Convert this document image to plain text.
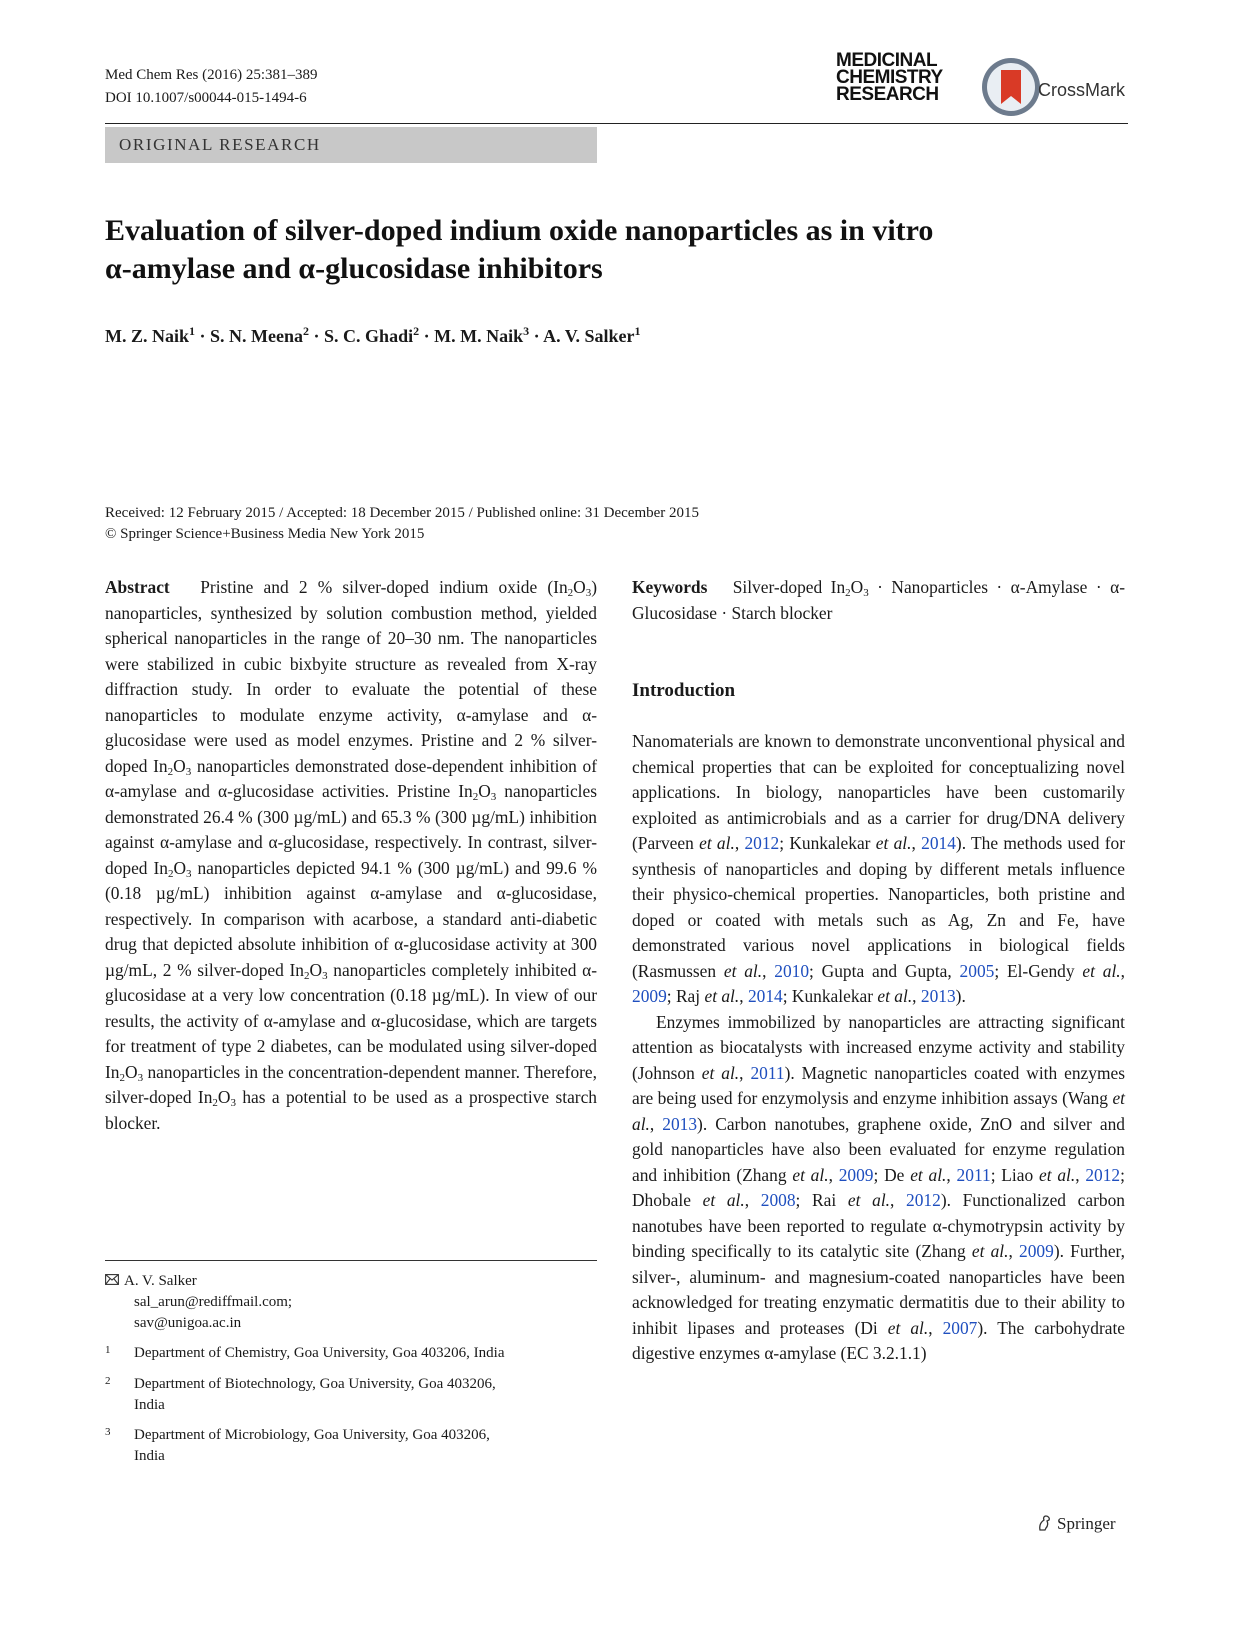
Med Chem Res (2016) 25:381–389
DOI 10.1007/s00044-015-1494-6
MEDICINAL
CHEMISTRY
RESEARCH	CrossMark
ORIGINAL RESEARCH
Evaluation of silver-doped indium oxide nanoparticles as in vitro
α-amylase and α-glucosidase inhibitors
M. Z. Naik$^1$ · S. N. Meena$^2$ · S. C. Ghadi$^2$ · M. M. Naik$^3$ · A. V. Salker$^1$
Received: 12 February 2015 / Accepted: 18 December 2015 / Published online: 31 December 2015
© Springer Science+Business Media New York 2015
Abstract Pristine and 2 % silver-doped indium oxide $(In_2O_3)$ nanoparticles, synthesized by solution combustion method, yielded spherical nanoparticles in the range of 20–30 nm. The nanoparticles were stabilized in cubic bixbyite structure as revealed from X-ray diffraction study. In order to evaluate the potential of these nanoparticles to modulate enzyme activity, α-amylase and α-glucosidase were used as model enzymes. Pristine and 2 % silver-doped $In_2O_3$ nanoparticles demonstrated dose-dependent inhibition of α-amylase and α-glucosidase activities. Pristine $In_2O_3$ nanoparticles demonstrated 26.4 % (300 µg/mL) and 65.3 % (300 µg/mL) inhibition against α-amylase and α-glucosidase, respectively. In contrast, silver-doped $In_2O_3$ nanoparticles depicted 94.1 % (300 µg/mL) and 99.6 % (0.18 µg/mL) inhibition against α-amylase and α-glucosidase, respectively. In comparison with acarbose, a standard anti-diabetic drug that depicted absolute inhibition of α-glucosidase activity at 300 µg/mL, 2 % silver-doped $In_2O_3$ nanoparticles completely inhibited α-glucosidase at a very low concentration (0.18 µg/mL). In view of our results, the activity of α-amylase and α-glucosidase, which are targets for treatment of type 2 diabetes, can be modulated using silver-doped $In_2O_3$ nanoparticles in the concentration-dependent manner. Therefore, silver-doped $In_2O_3$ has a potential to be used as a prospective starch blocker.
Keywords Silver-doped $In_2O_3$ · Nanoparticles · α-Amylase · α-Glucosidase · Starch blocker
Introduction

Nanomaterials are known to demonstrate unconventional physical and chemical properties that can be exploited for conceptualizing novel applications. In biology, nanoparticles have been customarily exploited as antimicrobials and as a carrier for drug/DNA delivery (Parveen et al., 2012; Kunkalekar et al., 2014). The methods used for synthesis of nanoparticles and doping by different metals influence their physico-chemical properties. Nanoparticles, both pristine and doped or coated with metals such as Ag, Zn and Fe, have demonstrated various novel applications in biological fields (Rasmussen et al., 2010; Gupta and Gupta, 2005; El-Gendy et al., 2009; Raj et al., 2014; Kunkalekar et al., 2013).

Enzymes immobilized by nanoparticles are attracting significant attention as biocatalysts with increased enzyme activity and stability (Johnson et al., 2011). Magnetic nanoparticles coated with enzymes are being used for enzymolysis and enzyme inhibition assays (Wang et al., 2013). Carbon nanotubes, graphene oxide, ZnO and silver and gold nanoparticles have also been evaluated for enzyme regulation and inhibition (Zhang et al., 2009; De et al., 2011; Liao et al., 2012; Dhobale et al., 2008; Rai et al., 2012). Functionalized carbon nanotubes have been reported to regulate α-chymotrypsin activity by binding specifically to its catalytic site (Zhang et al., 2009). Further, silver-, aluminum- and magnesium-coated nanoparticles have been acknowledged for treating enzymatic dermatitis due to their ability to inhibit lipases and proteases (Di et al., 2007). The carbohydrate digestive enzymes α-amylase (EC 3.2.1.1)

A. V. Salker
sal_arun@rediffmail.com;
sav@unigoa.ac.in
1 Department of Chemistry, Goa University, Goa 403206, India
2 Department of Biotechnology, Goa University, Goa 403206,
India
3 Department of Microbiology, Goa University, Goa 403206,
India
Springer
